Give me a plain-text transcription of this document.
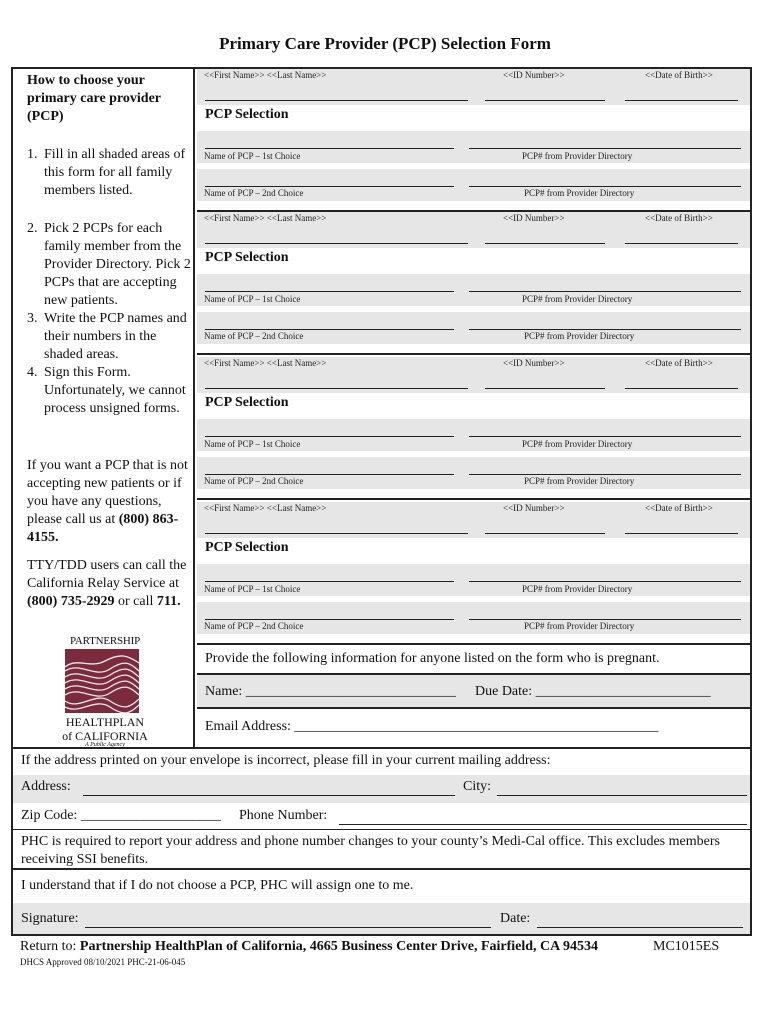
Primary Care Provider (PCP) Selection Form
How to choose your primary care provider (PCP)
1. Fill in all shaded areas of this form for all family members listed.
2. Pick 2 PCPs for each family member from the Provider Directory. Pick 2 PCPs that are accepting new patients.
3. Write the PCP names and their numbers in the shaded areas.
4. Sign this Form. Unfortunately, we cannot process unsigned forms.
If you want a PCP that is not accepting new patients or if you have any questions, please call us at (800) 863-4155.
TTY/TDD users can call the California Relay Service at (800) 735-2929 or call 711.
PARTNERSHIP
HEALTHPLAN
of CALIFORNIA
A Public Agency
<<First Name>> <<Last Name>>	<<ID Number>>	<<Date of Birth>>
PCP Selection
Name of PCP – 1st Choice	PCP# from Provider Directory
Name of PCP – 2nd Choice	PCP# from Provider Directory
<<First Name>> <<Last Name>>	<<ID Number>>	<<Date of Birth>>
PCP Selection
Name of PCP – 1st Choice	PCP# from Provider Directory
Name of PCP – 2nd Choice	PCP# from Provider Directory
<<First Name>> <<Last Name>>	<<ID Number>>	<<Date of Birth>>
PCP Selection
Name of PCP – 1st Choice	PCP# from Provider Directory
Name of PCP – 2nd Choice	PCP# from Provider Directory
<<First Name>> <<Last Name>>	<<ID Number>>	<<Date of Birth>>
PCP Selection
Name of PCP – 1st Choice	PCP# from Provider Directory
Name of PCP – 2nd Choice	PCP# from Provider Directory
Provide the following information for anyone listed on the form who is pregnant.
Name: ______________________________ Due Date: _________________________
Email Address: ____________________________________________________
If the address printed on your envelope is incorrect, please fill in your current mailing address:
Address:	City:
Zip Code: ____________________ Phone Number:
PHC is required to report your address and phone number changes to your county’s Medi-Cal office. This excludes members receiving SSI benefits.
I understand that if I do not choose a PCP, PHC will assign one to me.
Signature:	Date:
Return to: Partnership HealthPlan of California, 4665 Business Center Drive, Fairfield, CA 94534	MC1015ES
DHCS Approved 08/10/2021 PHC-21-06-045
